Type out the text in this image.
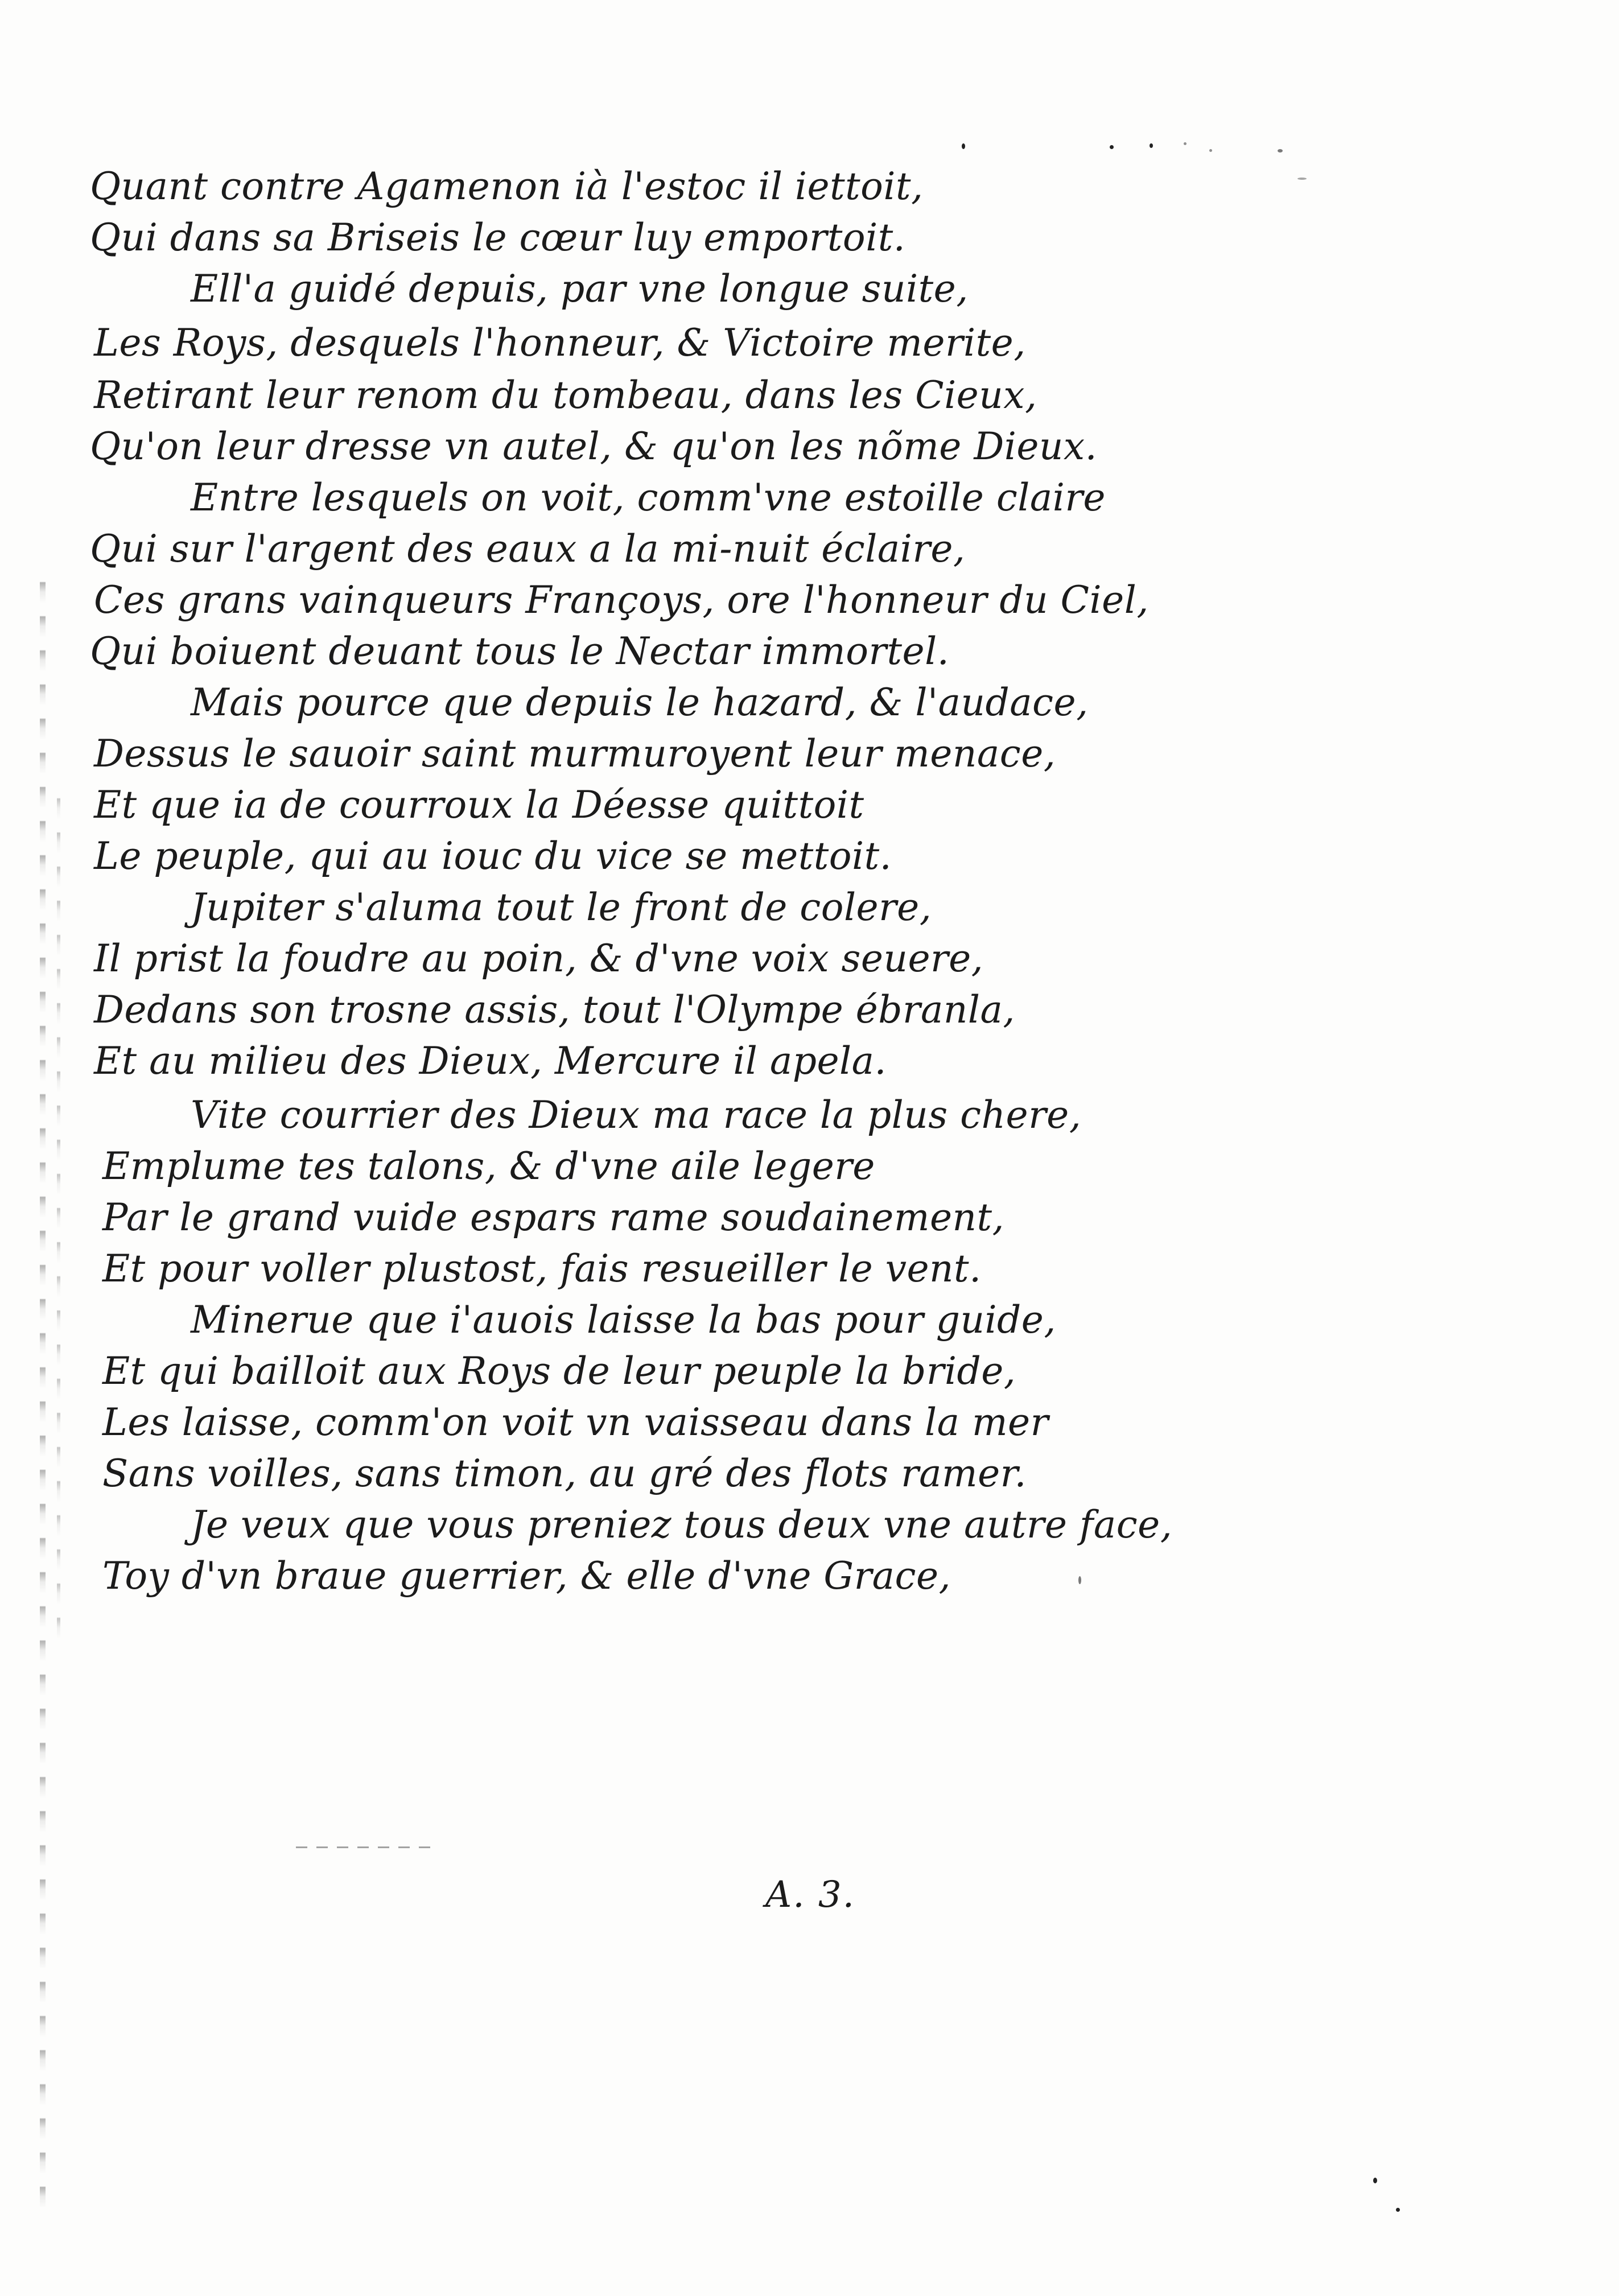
Quant contre Agamenon ià l'estoc il iettoit,
Qui dans sa Briseis le cœur luy emportoit.
Ell'a guidé depuis, par vne longue suite,
Les Roys, desquels l'honneur, & Victoire merite,
Retirant leur renom du tombeau, dans les Cieux,
Qu'on leur dresse vn autel, & qu'on les nõme Dieux.
Entre lesquels on voit, comm'vne estoille claire
Qui sur l'argent des eaux a la mi-nuit éclaire,
Ces grans vainqueurs Françoys, ore l'honneur du Ciel,
Qui boiuent deuant tous le Nectar immortel.
Mais pource que depuis le hazard, & l'audace,
Dessus le sauoir saint murmuroyent leur menace,
Et que ia de courroux la Déesse quittoit
Le peuple, qui au iouc du vice se mettoit.
Jupiter s'aluma tout le front de colere,
Il prist la foudre au poin, & d'vne voix seuere,
Dedans son trosne assis, tout l'Olympe ébranla,
Et au milieu des Dieux, Mercure il apela.
Vite courrier des Dieux ma race la plus chere,
Emplume tes talons, & d'vne aile legere
Par le grand vuide espars rame soudainement,
Et pour voller plustost, fais resueiller le vent.
Minerue que i'auois laisse la bas pour guide,
Et qui bailloit aux Roys de leur peuple la bride,
Les laisse, comm'on voit vn vaisseau dans la mer
Sans voilles, sans timon, au gré des flots ramer.
Je veux que vous preniez tous deux vne autre face,
Toy d'vn braue guerrier, & elle d'vne Grace,
A. 3.
